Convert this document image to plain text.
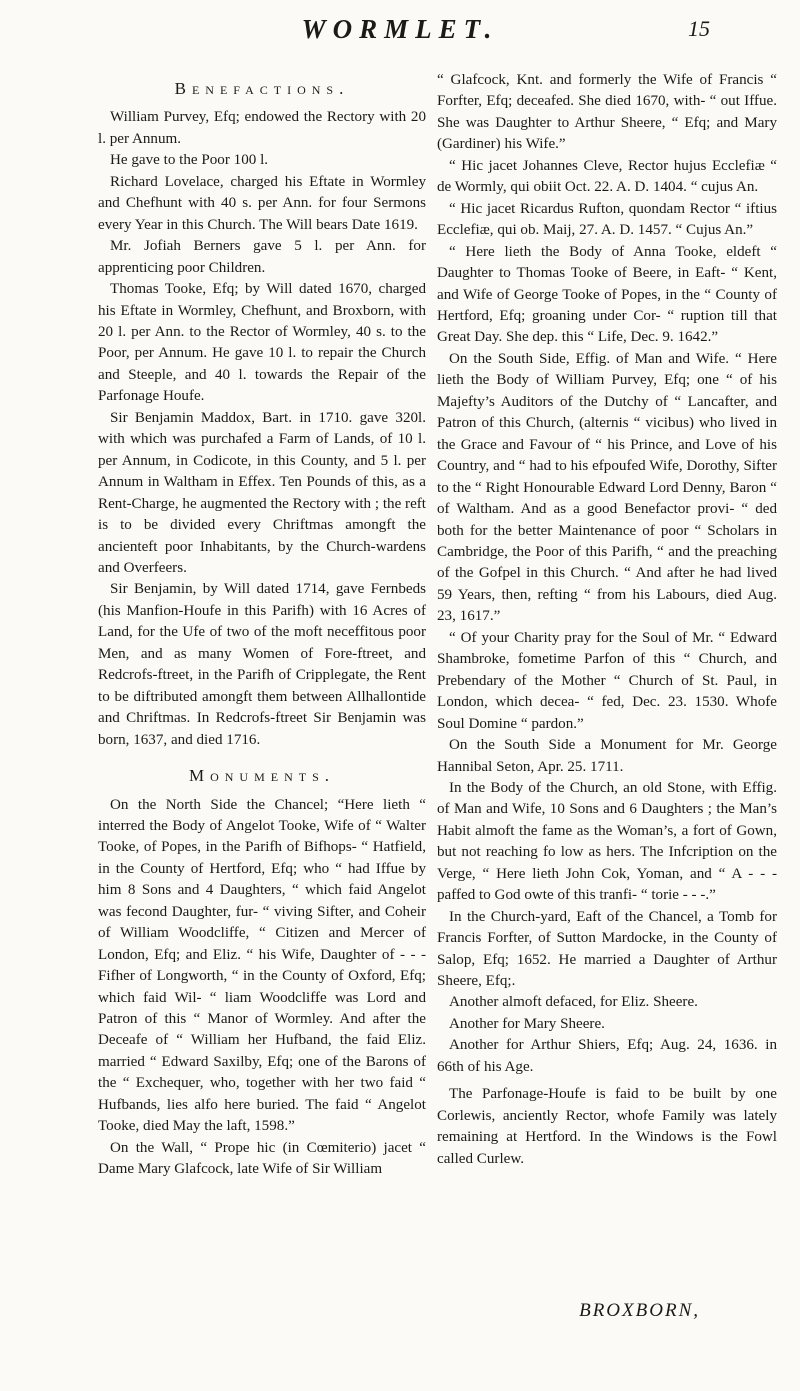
WORMLET.	15
Benefactions.

William Purvey, Efq; endowed the Rectory with 20 l. per Annum.

He gave to the Poor 100 l.

Richard Lovelace, charged his Eftate in Wormley and Chefhunt with 40 s. per Ann. for four Sermons every Year in this Church. The Will bears Date 1619.

Mr. Jofiah Berners gave 5 l. per Ann. for apprenticing poor Children.

Thomas Tooke, Efq; by Will dated 1670, charged his Eftate in Wormley, Chefhunt, and Broxborn, with 20 l. per Ann. to the Rector of Wormley, 40 s. to the Poor, per Annum. He gave 10 l. to repair the Church and Steeple, and 40 l. towards the Repair of the Parfonage Houfe.

Sir Benjamin Maddox, Bart. in 1710. gave 320l. with which was purchafed a Farm of Lands, of 10 l. per Annum, in Codicote, in this County, and 5 l. per Annum in Waltham in Effex. Ten Pounds of this, as a Rent-Charge, he augmented the Rectory with ; the reft is to be divided every Chriftmas amongft the ancienteft poor Inhabitants, by the Church-wardens and Overfeers.

Sir Benjamin, by Will dated 1714, gave Fernbeds (his Manfion-Houfe in this Parifh) with 16 Acres of Land, for the Ufe of two of the moft neceffitous poor Men, and as many Women of Fore-ftreet, and Redcrofs-ftreet, in the Parifh of Cripplegate, the Rent to be diftributed amongft them between Allhallontide and Chriftmas. In Redcrofs-ftreet Sir Benjamin was born, 1637, and died 1716.

Monuments.

On the North Side the Chancel; “Here lieth “ interred the Body of Angelot Tooke, Wife of “ Walter Tooke, of Popes, in the Parifh of Bifhops- “ Hatfield, in the County of Hertford, Efq; who “ had Iffue by him 8 Sons and 4 Daughters, “ which faid Angelot was fecond Daughter, fur- “ viving Sifter, and Coheir of William Woodcliffe, “ Citizen and Mercer of London, Efq; and Eliz. “ his Wife, Daughter of - - - Fifher of Longworth, “ in the County of Oxford, Efq; which faid Wil- “ liam Woodcliffe was Lord and Patron of this “ Manor of Wormley. And after the Deceafe of “ William her Hufband, the faid Eliz. married “ Edward Saxilby, Efq; one of the Barons of the “ Exchequer, who, together with her two faid “ Hufbands, lies alfo here buried. The faid “ Angelot Tooke, died May the laft, 1598.”

On the Wall, “ Prope hic (in Cœmiterio) jacet “ Dame Mary Glafcock, late Wife of Sir William

“ Glafcock, Knt. and formerly the Wife of Francis “ Forfter, Efq; deceafed. She died 1670, with- “ out Iffue. She was Daughter to Arthur Sheere, “ Efq; and Mary (Gardiner) his Wife.”

“ Hic jacet Johannes Cleve, Rector hujus Ecclefiæ “ de Wormly, qui obiit Oct. 22. A. D. 1404. “ cujus An.

“ Hic jacet Ricardus Rufton, quondam Rector “ iftius Ecclefiæ, qui ob. Maij, 27. A. D. 1457. “ Cujus An.”

“ Here lieth the Body of Anna Tooke, eldeft “ Daughter to Thomas Tooke of Beere, in Eaft- “ Kent, and Wife of George Tooke of Popes, in the “ County of Hertford, Efq; groaning under Cor- “ ruption till that Great Day. She dep. this “ Life, Dec. 9. 1642.”

On the South Side, Effig. of Man and Wife. “ Here lieth the Body of William Purvey, Efq; one “ of his Majefty’s Auditors of the Dutchy of “ Lancafter, and Patron of this Church, (alternis “ vicibus) who lived in the Grace and Favour of “ his Prince, and Love of his Country, and “ had to his efpoufed Wife, Dorothy, Sifter to the “ Right Honourable Edward Lord Denny, Baron “ of Waltham. And as a good Benefactor provi- “ ded both for the better Maintenance of poor “ Scholars in Cambridge, the Poor of this Parifh, “ and the preaching of the Gofpel in this Church. “ And after he had lived 59 Years, then, refting “ from his Labours, died Aug. 23, 1617.”

“ Of your Charity pray for the Soul of Mr. “ Edward Shambroke, fometime Parfon of this “ Church, and Prebendary of the Mother “ Church of St. Paul, in London, which decea- “ fed, Dec. 23. 1530. Whofe Soul Domine “ pardon.”

On the South Side a Monument for Mr. George Hannibal Seton, Apr. 25. 1711.

In the Body of the Church, an old Stone, with Effig. of Man and Wife, 10 Sons and 6 Daughters ; the Man’s Habit almoft the fame as the Woman’s, a fort of Gown, but not reaching fo low as hers. The Infcription on the Verge, “ Here lieth John Cok, Yoman, and “ A - - - paffed to God owte of this tranfi- “ torie - - -.”

In the Church-yard, Eaft of the Chancel, a Tomb for Francis Forfter, of Sutton Mardocke, in the County of Salop, Efq; 1652. He married a Daughter of Arthur Sheere, Efq;.

Another almoft defaced, for Eliz. Sheere.

Another for Mary Sheere.

Another for Arthur Shiers, Efq; Aug. 24, 1636. in 66th of his Age.

The Parfonage-Houfe is faid to be built by one Corlewis, anciently Rector, whofe Family was lately remaining at Hertford. In the Windows is the Fowl called Curlew.

BROXBORN,
